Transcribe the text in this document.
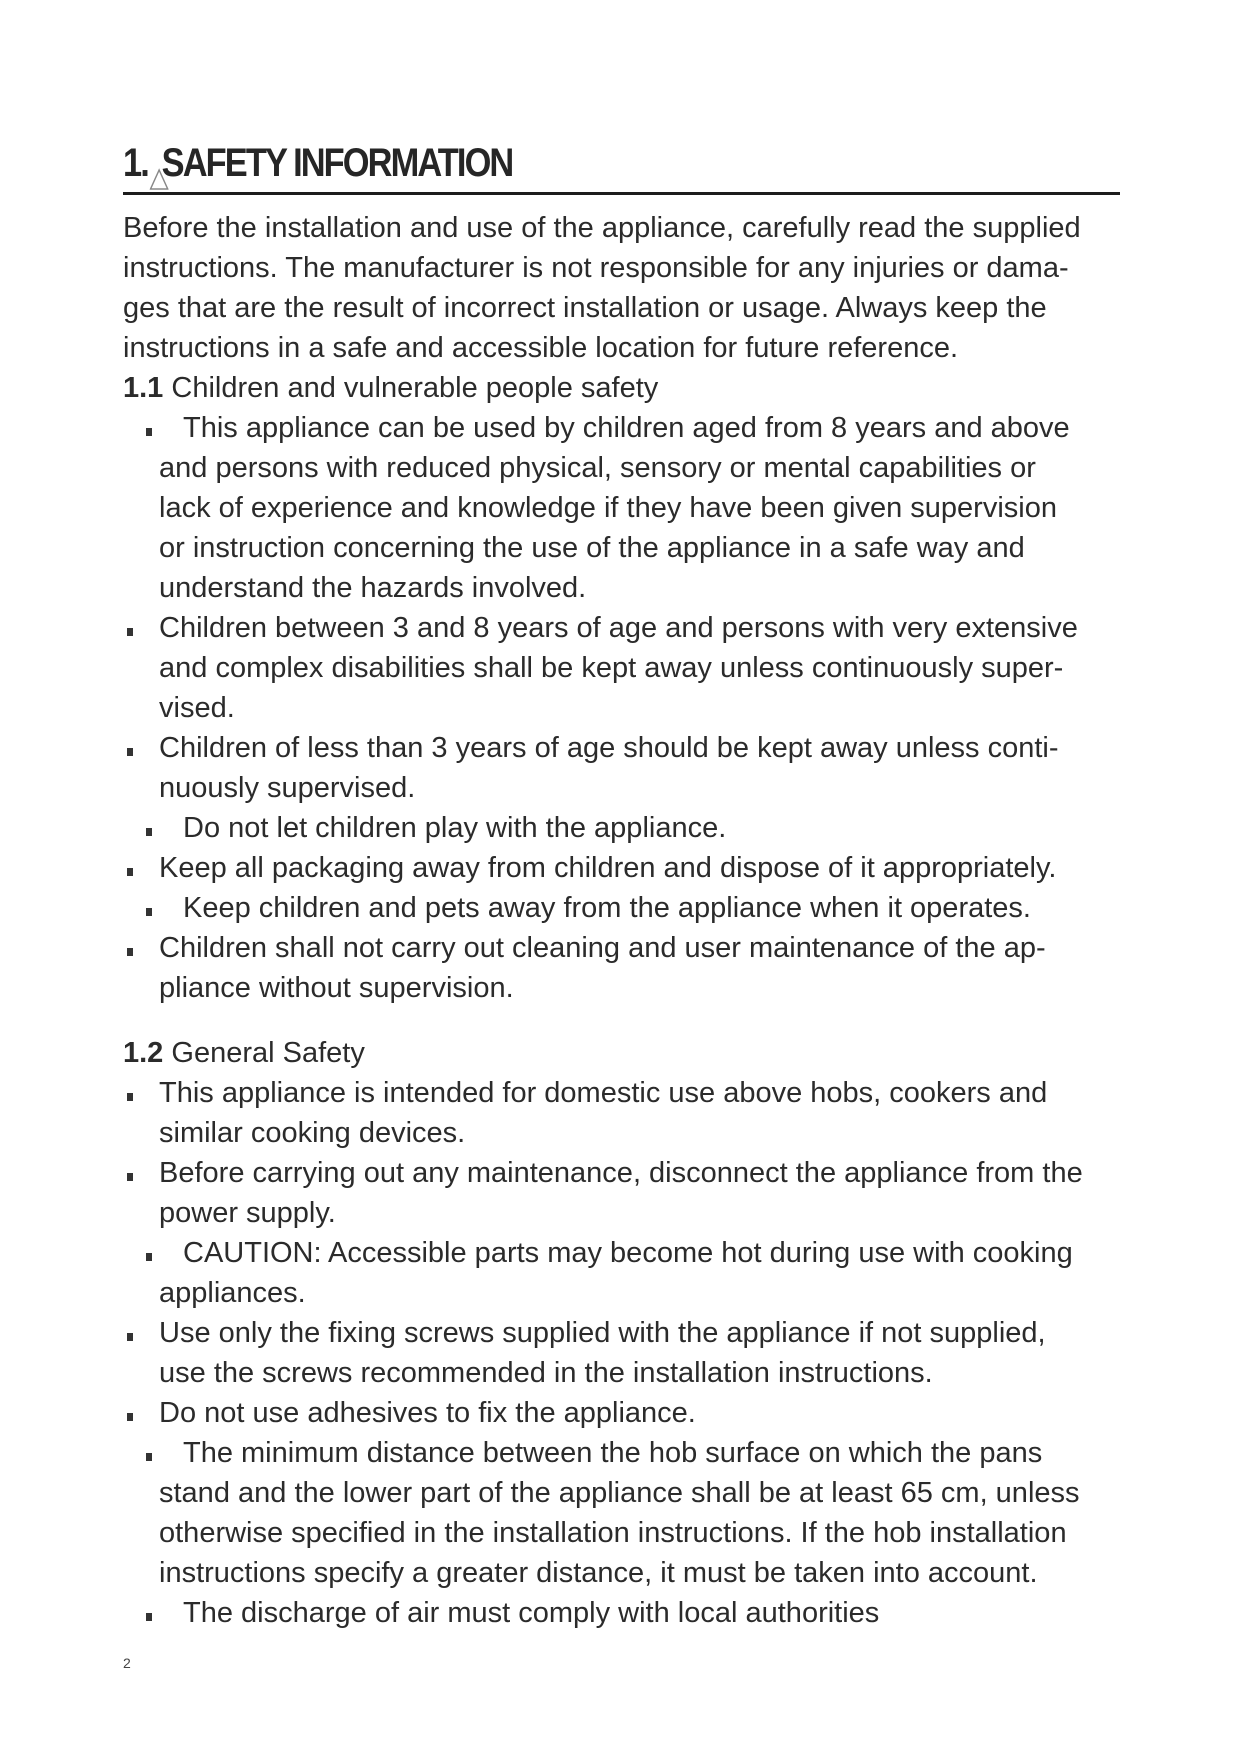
1. SAFETY INFORMATION
Before the installation and use of the appliance, carefully read the supplied
instructions. The manufacturer is not responsible for any injuries or dama-
ges that are the result of incorrect installation or usage. Always keep the
instructions in a safe and accessible location for future reference.
1.1 Children and vulnerable people safety
This appliance can be used by children aged from 8 years and above
and persons with reduced physical, sensory or mental capabilities or
lack of experience and knowledge if they have been given supervision
or instruction concerning the use of the appliance in a safe way and
understand the hazards involved.
Children between 3 and 8 years of age and persons with very extensive
and complex disabilities shall be kept away unless continuously super-
vised.
Children of less than 3 years of age should be kept away unless conti-
nuously supervised.
Do not let children play with the appliance.
Keep all packaging away from children and dispose of it appropriately.
Keep children and pets away from the appliance when it operates.
Children shall not carry out cleaning and user maintenance of the ap-
pliance without supervision.
1.2 General Safety
This appliance is intended for domestic use above hobs, cookers and
similar cooking devices.
Before carrying out any maintenance, disconnect the appliance from the
power supply.
CAUTION: Accessible parts may become hot during use with cooking
appliances.
Use only the fixing screws supplied with the appliance if not supplied,
use the screws recommended in the installation instructions.
Do not use adhesives to fix the appliance.
The minimum distance between the hob surface on which the pans
stand and the lower part of the appliance shall be at least 65 cm, unless
otherwise specified in the installation instructions. If the hob installation
instructions specify a greater distance, it must be taken into account.
The discharge of air must comply with local authorities
2
